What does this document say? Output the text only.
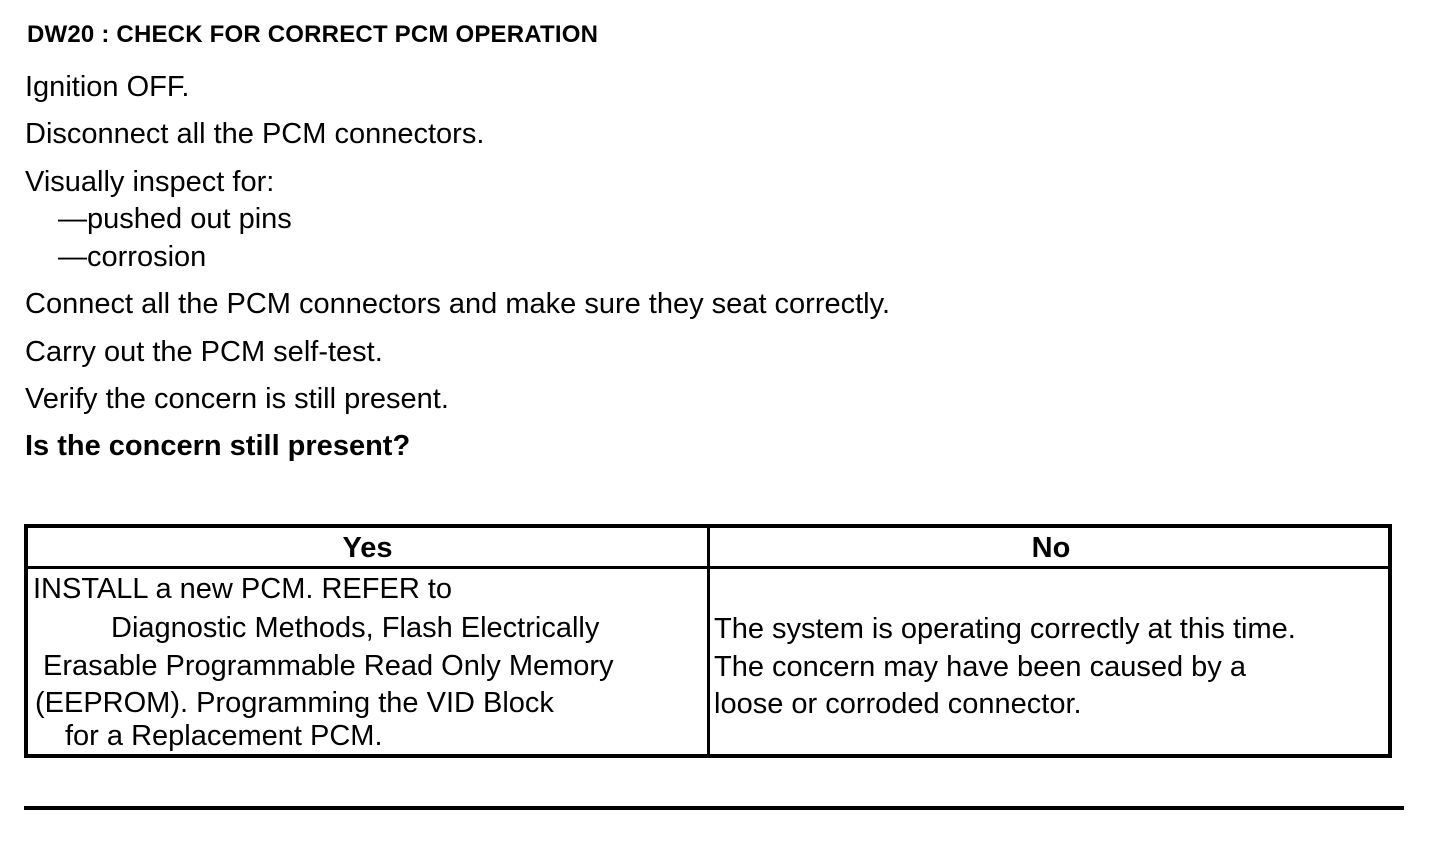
DW20 : CHECK FOR CORRECT PCM OPERATION
Ignition OFF.
Disconnect all the PCM connectors.
Visually inspect for:
—pushed out pins
—corrosion
Connect all the PCM connectors and make sure they seat correctly.
Carry out the PCM self-test.
Verify the concern is still present.
Is the concern still present?
Yes	No
INSTALL a new PCM. REFER to
Diagnostic Methods, Flash Electrically
Erasable Programmable Read Only Memory
(EEPROM). Programming the VID Block
for a Replacement PCM.
The system is operating correctly at this time.
The concern may have been caused by a
loose or corroded connector.
